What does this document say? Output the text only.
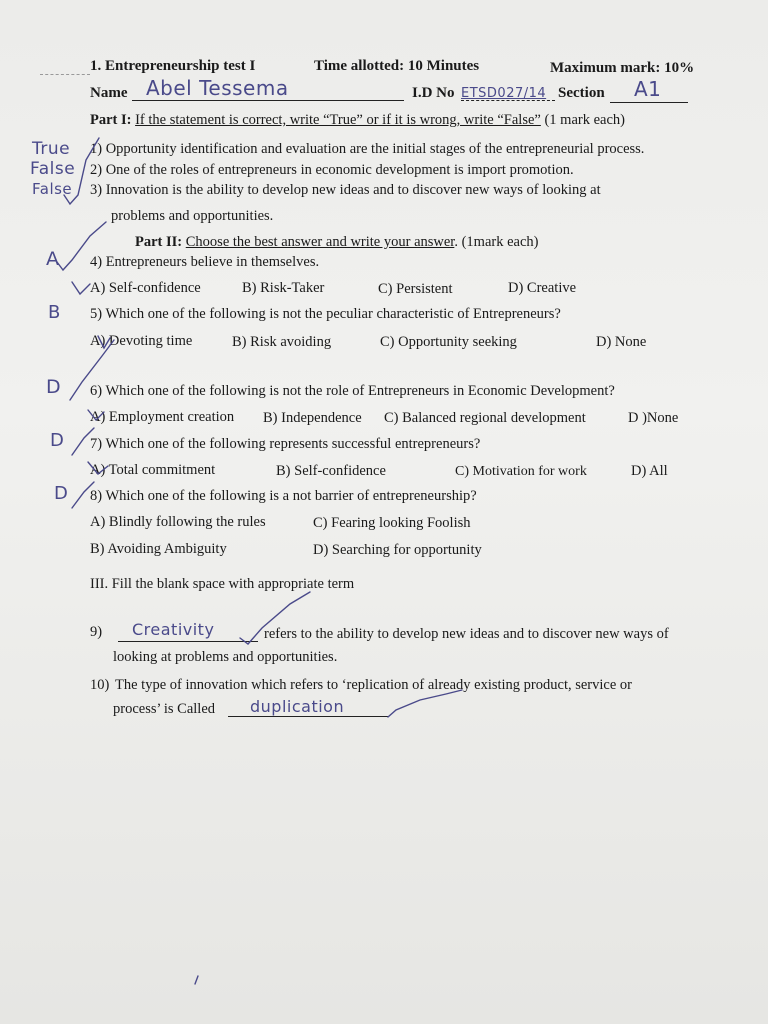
1. Entrepreneurship test I	Time allotted: 10 Minutes	Maximum mark: 10%
Name Abel Tessema	I.D No ETSD027/14 Section A1
Part I: If the statement is correct, write “True” or if it is wrong, write “False” (1 mark each)
True 1) Opportunity identification and evaluation are the initial stages of the entrepreneurial process.
False 2) One of the roles of entrepreneurs in economic development is import promotion.
False 3) Innovation is the ability to develop new ideas and to discover new ways of looking at
problems and opportunities.
Part II: Choose the best answer and write your answer. (1mark each)
A 4) Entrepreneurs believe in themselves.
A) Self-confidence	B) Risk-Taker	C) Persistent	D) Creative
B 5) Which one of the following is not the peculiar characteristic of Entrepreneurs?
A) Devoting time	B) Risk avoiding	C) Opportunity seeking	D) None
D 6) Which one of the following is not the role of Entrepreneurs in Economic Development?
A) Employment creation B) Independence C) Balanced regional development	D )None
D 7) Which one of the following represents successful entrepreneurs?
A) Total commitment	B) Self-confidence	C) Motivation for work	D) All
D 8) Which one of the following is a not barrier of entrepreneurship?
A) Blindly following the rules	C) Fearing looking Foolish
B) Avoiding Ambiguity	D) Searching for opportunity
III. Fill the blank space with appropriate term
9) Creativity	refers to the ability to develop new ideas and to discover new ways of
looking at problems and opportunities.
10) The type of innovation which refers to ‘replication of already existing product, service or
process’ is Called duplication
